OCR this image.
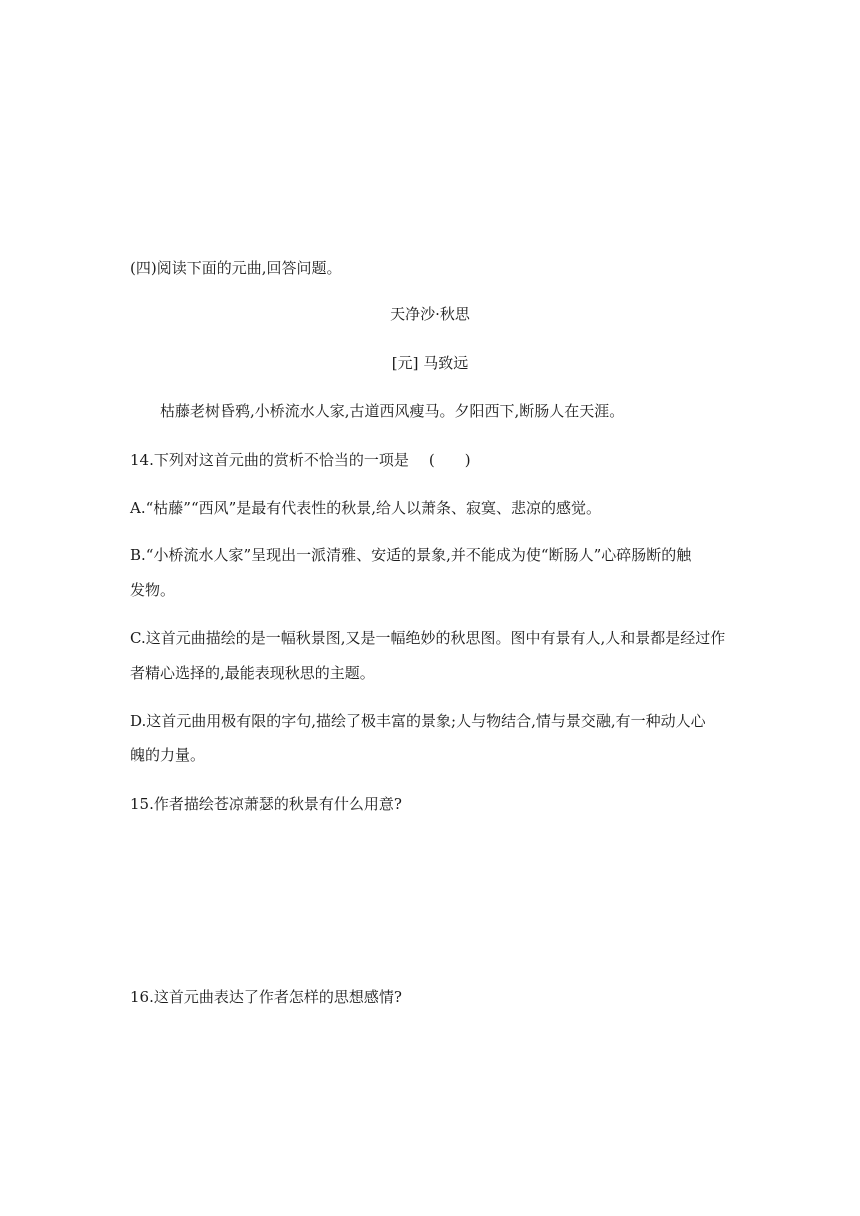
(四)阅读下面的元曲,回答问题。
天净沙·秋思
[元] 马致远
枯藤老树昏鸦,小桥流水人家,古道西风瘦马。夕阳西下,断肠人在天涯。
14.下列对这首元曲的赏析不恰当的一项是 (　　)
A.“枯藤”“西风”是最有代表性的秋景,给人以萧条、寂寞、悲凉的感觉。
B.“小桥流水人家”呈现出一派清雅、安适的景象,并不能成为使“断肠人”心碎肠断的触
发物。
C.这首元曲描绘的是一幅秋景图,又是一幅绝妙的秋思图。图中有景有人,人和景都是经过作
者精心选择的,最能表现秋思的主题。
D.这首元曲用极有限的字句,描绘了极丰富的景象;人与物结合,情与景交融,有一种动人心
魄的力量。
15.作者描绘苍凉萧瑟的秋景有什么用意?
16.这首元曲表达了作者怎样的思想感情?
